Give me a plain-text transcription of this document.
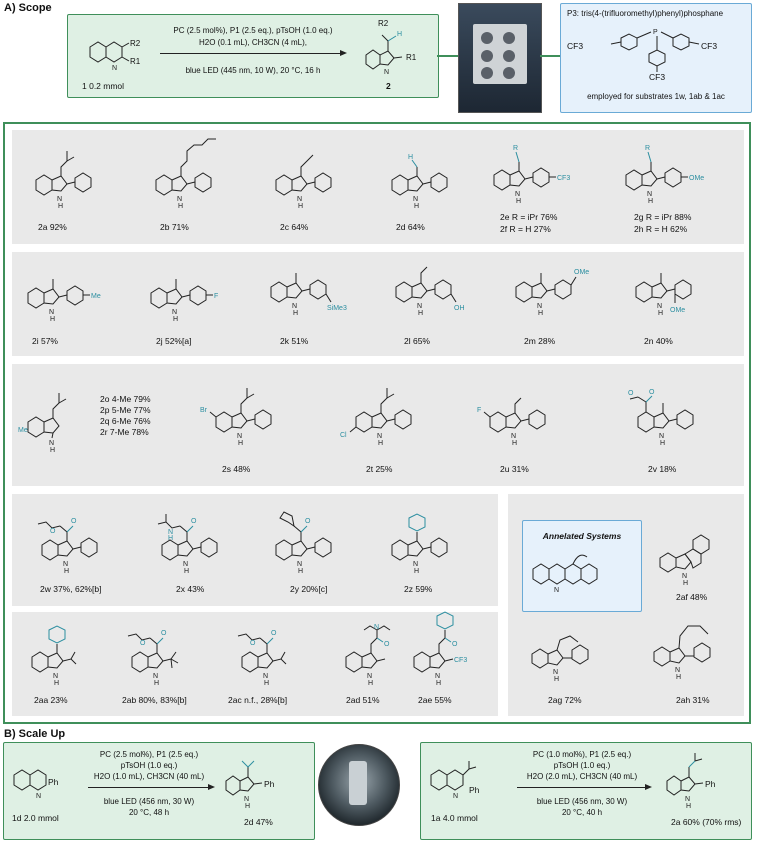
A) Scope
N
R2
R1
1 0.2 mmol
PC (2.5 mol%), P1 (2.5 eq.), pTsOH (1.0 eq.)
H2O (0.1 mL), CH3CN (4 mL),
blue LED (445 nm, 10 W), 20 °C, 16 h	N
H
R2
R1
2
P3: tris(4-(trifluoromethyl)phenyl)phosphane
P
CF3	CF3
CF3
employed for substrates 1w, 1ab & 1ac
N
H
2a 92%
N
H
2b 71%
N
H
2c 64%
H
N
H
2d 64%
R
CF3
N
H
2e R = iPr 76%
2f R = H 27%
R
OMe
N
H
2g R = iPr 88%
2h R = H 62%
Me
N
H
2i 57%
F
N
H
2j 52%[a]
SiMe3
N
H
2k 51%
OH
N
H
2l 65%
OMe
N
H
2m 28%
OMe
N
H
2n 40%
Me
N
H
2o 4-Me 79%
2p 5-Me 77%
2q 6-Me 76%
2r 7-Me 78%
Br
N
H
2s 48%
Cl	N
H
2t 25%
F
N
H
2u 31%
O
O
N
H
2v 18%
O
O
N
H
2w 37%, 62%[b]
O
N
H
N
H
2x 43%
O
N
H
2y 20%[c]
N
H
2z 59%
N
H
2aa 23%
O
O
N
H
2ab 80%, 83%[b]
O
O
N
H
2ac n.f., 28%[b]
O
N
N
H
2ad 51%
O
CF3
N
H
2ae 55%
Annelated Systems
N
N
H
2af 48%
N
H
2ag 72%
N
H
2ah 31%
B) Scale Up
N
Ph
1d 2.0 mmol
PC (2.5 mol%), P1 (2.5 eq.)
pTsOH (1.0 eq.)
H2O (1.0 mL), CH3CN (40 mL)
blue LED (456 nm, 30 W)
20 °C, 48 h
N
H
Ph
2d 47%
N
Ph
1a 4.0 mmol
PC (1.0 mol%), P1 (2.5 eq.)
pTsOH (1.0 eq.)
H2O (2.0 mL), CH3CN (40 mL)
blue LED (456 nm, 30 W)
20 °C, 40 h
N
H
Ph
2a 60% (70% rms)
